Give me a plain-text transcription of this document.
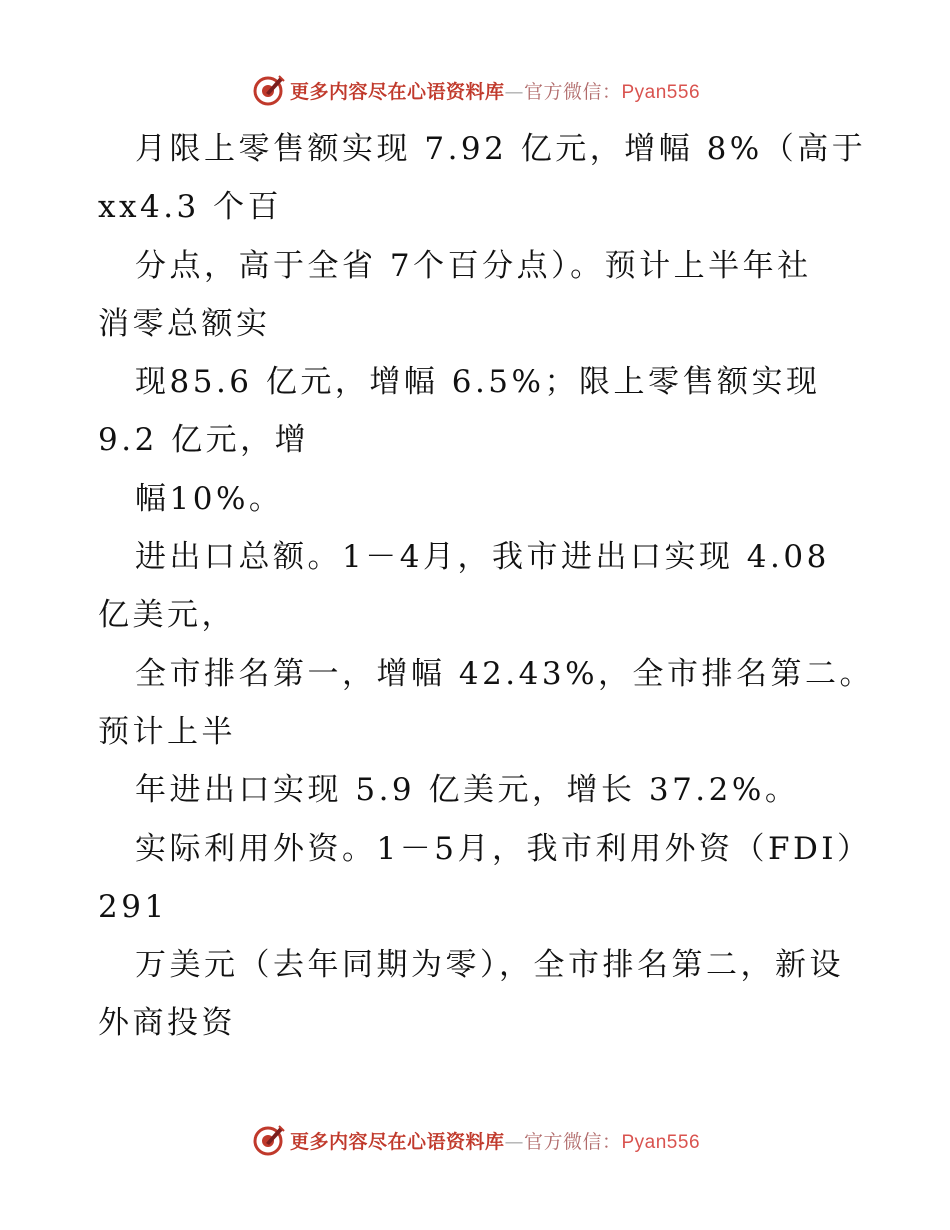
更多内容尽在心语资料库—官方微信：Pyan556
月限上零售额实现 7.92 亿元，增幅 8%（高于
xx4.3 个百
分点，高于全省 7个百分点）。预计上半年社
消零总额实
现85.6 亿元，增幅 6.5%；限上零售额实现
9.2 亿元，增
幅10%。
进出口总额。1－4月，我市进出口实现 4.08
亿美元，
全市排名第一，增幅 42.43%，全市排名第二。
预计上半
年进出口实现 5.9 亿美元，增长 37.2%。
实际利用外资。1－5月，我市利用外资（FDI）
291
万美元（去年同期为零），全市排名第二，新设
外商投资
更多内容尽在心语资料库—官方微信：Pyan556
